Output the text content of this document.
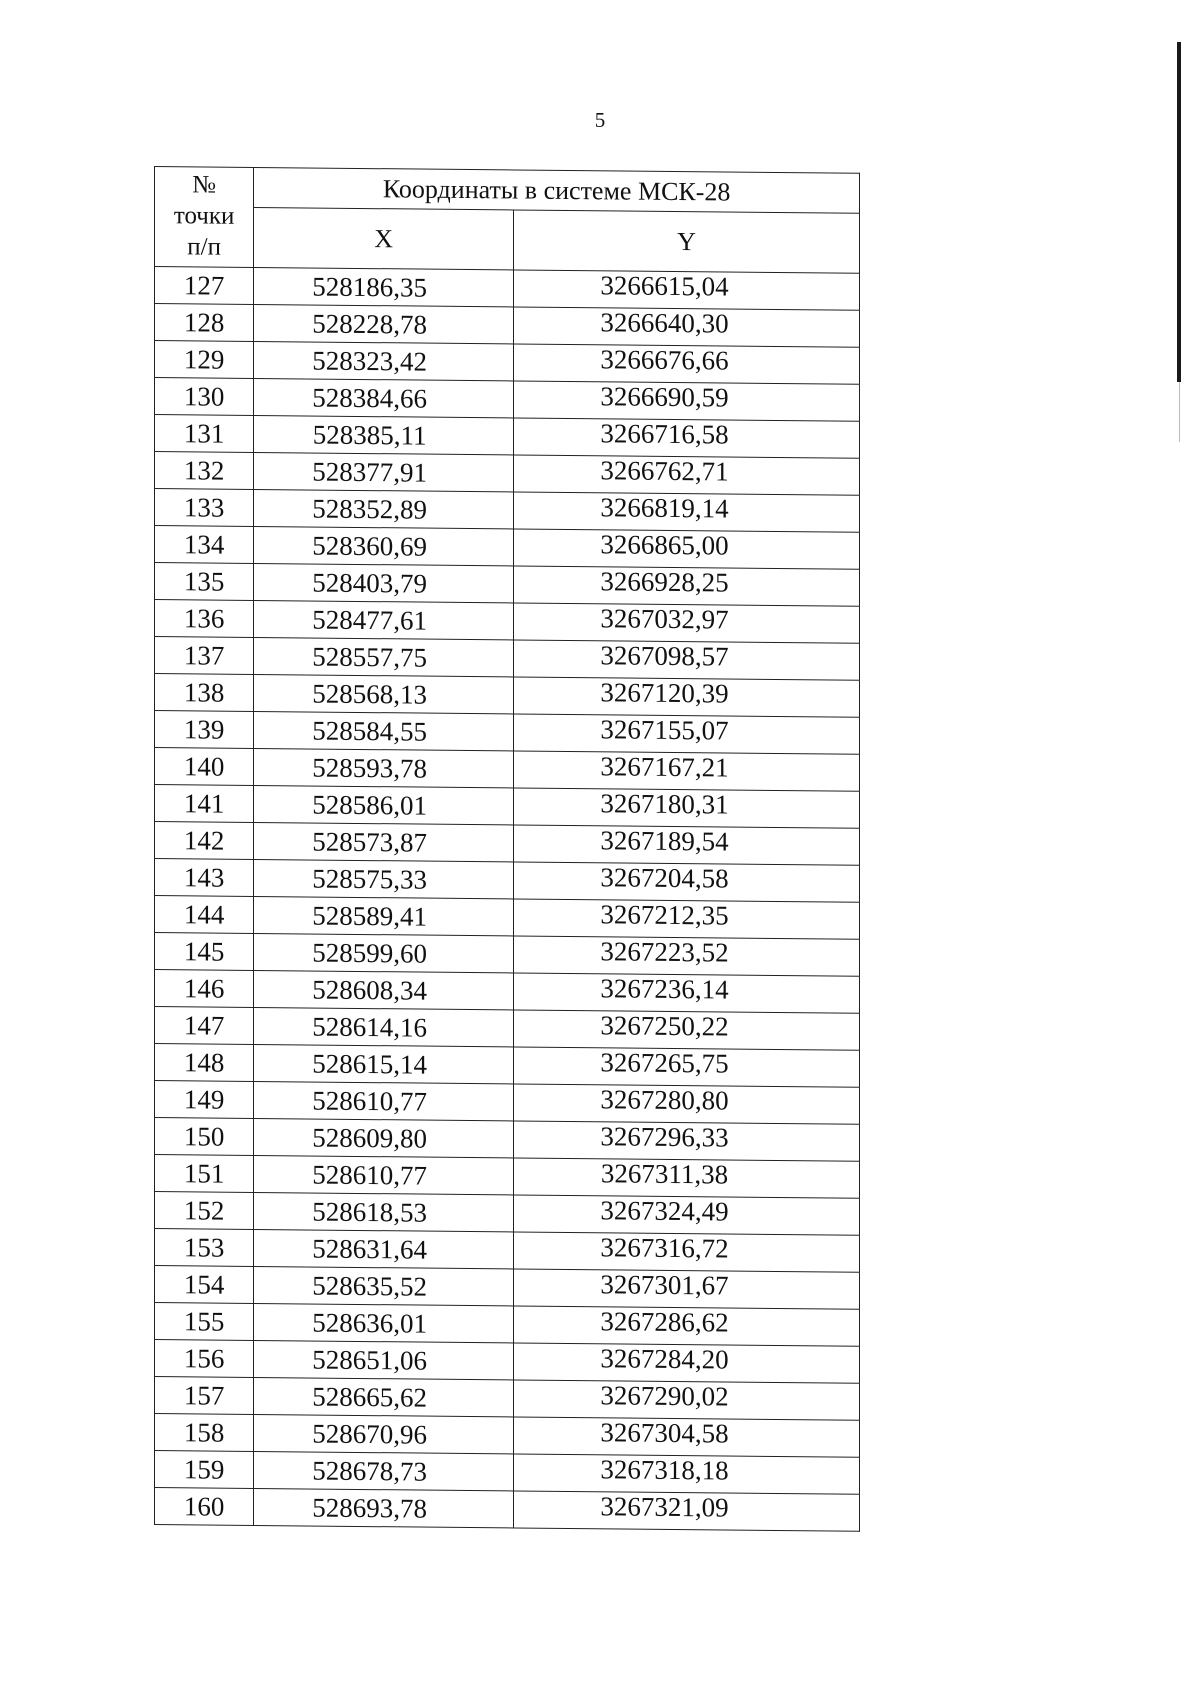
5
№
точки
п/п	Координаты в системе МСК-28	
	X	Y
127	528186,35	3266615,04
128	528228,78	3266640,30
129	528323,42	3266676,66
130	528384,66	3266690,59
131	528385,11	3266716,58
132	528377,91	3266762,71
133	528352,89	3266819,14
134	528360,69	3266865,00
135	528403,79	3266928,25
136	528477,61	3267032,97
137	528557,75	3267098,57
138	528568,13	3267120,39
139	528584,55	3267155,07
140	528593,78	3267167,21
141	528586,01	3267180,31
142	528573,87	3267189,54
143	528575,33	3267204,58
144	528589,41	3267212,35
145	528599,60	3267223,52
146	528608,34	3267236,14
147	528614,16	3267250,22
148	528615,14	3267265,75
149	528610,77	3267280,80
150	528609,80	3267296,33
151	528610,77	3267311,38
152	528618,53	3267324,49
153	528631,64	3267316,72
154	528635,52	3267301,67
155	528636,01	3267286,62
156	528651,06	3267284,20
157	528665,62	3267290,02
158	528670,96	3267304,58
159	528678,73	3267318,18
160	528693,78	3267321,09
